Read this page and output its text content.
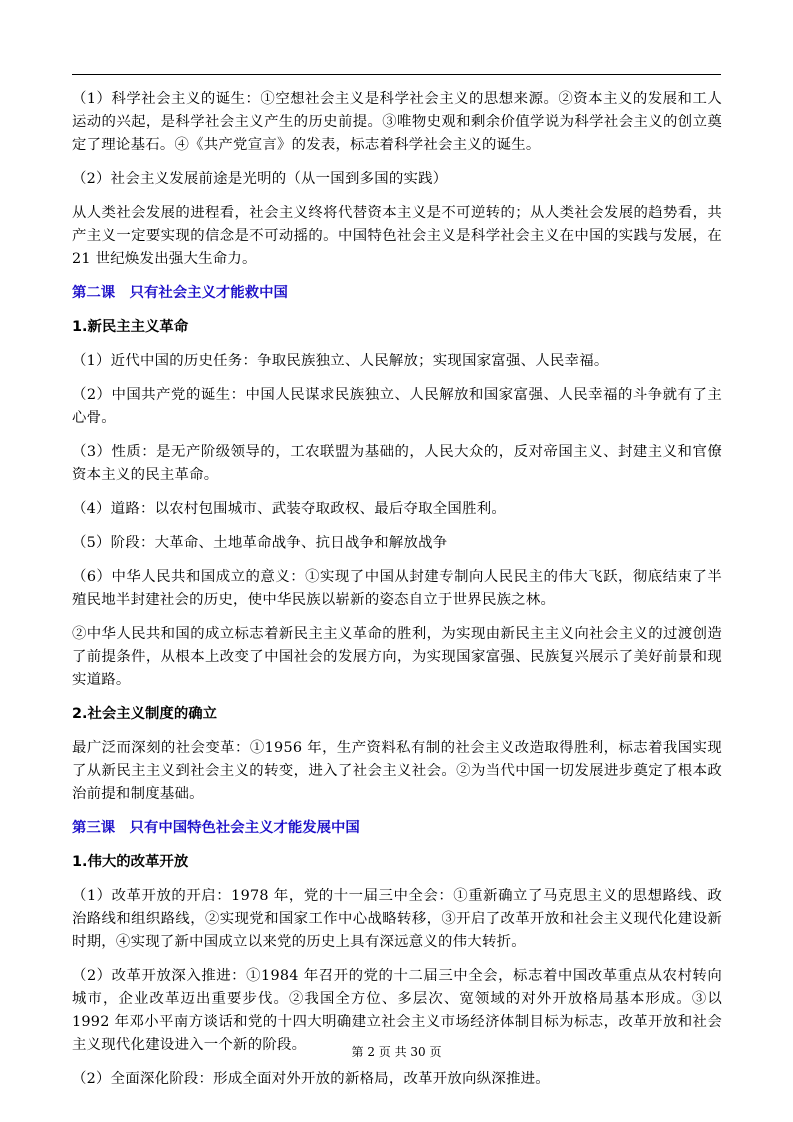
（1）科学社会主义的诞生：①空想社会主义是科学社会主义的思想来源。②资本主义的发展和工人运动的兴起，是科学社会主义产生的历史前提。③唯物史观和剩余价值学说为科学社会主义的创立奠定了理论基石。④《共产党宣言》的发表，标志着科学社会主义的诞生。

（2）社会主义发展前途是光明的（从一国到多国的实践）

从人类社会发展的进程看，社会主义终将代替资本主义是不可逆转的；从人类社会发展的趋势看，共产主义一定要实现的信念是不可动摇的。中国特色社会主义是科学社会主义在中国的实践与发展，在 21 世纪焕发出强大生命力。

第二课　只有社会主义才能救中国

1.新民主主义革命

（1）近代中国的历史任务：争取民族独立、人民解放；实现国家富强、人民幸福。

（2）中国共产党的诞生：中国人民谋求民族独立、人民解放和国家富强、人民幸福的斗争就有了主心骨。

（3）性质：是无产阶级领导的，工农联盟为基础的，人民大众的，反对帝国主义、封建主义和官僚资本主义的民主革命。

（4）道路：以农村包围城市、武装夺取政权、最后夺取全国胜利。

（5）阶段：大革命、土地革命战争、抗日战争和解放战争

（6）中华人民共和国成立的意义：①实现了中国从封建专制向人民民主的伟大飞跃，彻底结束了半殖民地半封建社会的历史，使中华民族以崭新的姿态自立于世界民族之林。

②中华人民共和国的成立标志着新民主主义革命的胜利，为实现由新民主主义向社会主义的过渡创造了前提条件，从根本上改变了中国社会的发展方向，为实现国家富强、民族复兴展示了美好前景和现实道路。

2.社会主义制度的确立

最广泛而深刻的社会变革：①1956 年，生产资料私有制的社会主义改造取得胜利，标志着我国实现了从新民主主义到社会主义的转变，进入了社会主义社会。②为当代中国一切发展进步奠定了根本政治前提和制度基础。

第三课　只有中国特色社会主义才能发展中国

1.伟大的改革开放

（1）改革开放的开启：1978 年，党的十一届三中全会：①重新确立了马克思主义的思想路线、政治路线和组织路线，②实现党和国家工作中心战略转移，③开启了改革开放和社会主义现代化建设新时期，④实现了新中国成立以来党的历史上具有深远意义的伟大转折。

（2）改革开放深入推进：①1984 年召开的党的十二届三中全会，标志着中国改革重点从农村转向城市，企业改革迈出重要步伐。②我国全方位、多层次、宽领域的对外开放格局基本形成。③以 1992 年邓小平南方谈话和党的十四大明确建立社会主义市场经济体制目标为标志，改革开放和社会主义现代化建设进入一个新的阶段。

（2）全面深化阶段：形成全面对外开放的新格局，改革开放向纵深推进。

第 2 页 共 30 页
